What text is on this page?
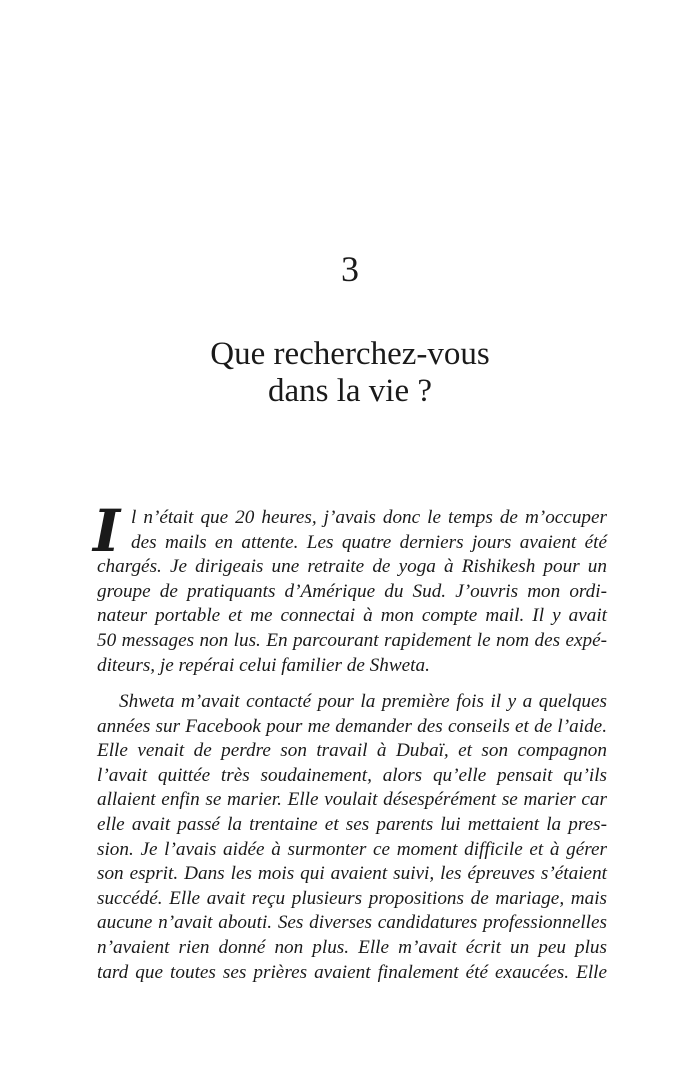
3
Que recherchez-vous
dans la vie ?
I l n’était que 20 heures, j’avais donc le temps de m’occuper
des mails en attente. Les quatre derniers jours avaient été
chargés. Je dirigeais une retraite de yoga à Rishikesh pour un
groupe de pratiquants d’Amérique du Sud. J’ouvris mon ordi-
nateur portable et me connectai à mon compte mail. Il y avait
50 messages non lus. En parcourant rapidement le nom des expé-
diteurs, je repérai celui familier de Shweta.
Shweta m’avait contacté pour la première fois il y a quelques
années sur Facebook pour me demander des conseils et de l’aide.
Elle venait de perdre son travail à Dubaï, et son compagnon
l’avait quittée très soudainement, alors qu’elle pensait qu’ils
allaient enfin se marier. Elle voulait désespérément se marier car
elle avait passé la trentaine et ses parents lui mettaient la pres-
sion. Je l’avais aidée à surmonter ce moment difficile et à gérer
son esprit. Dans les mois qui avaient suivi, les épreuves s’étaient
succédé. Elle avait reçu plusieurs propositions de mariage, mais
aucune n’avait abouti. Ses diverses candidatures professionnelles
n’avaient rien donné non plus. Elle m’avait écrit un peu plus
tard que toutes ses prières avaient finalement été exaucées. Elle
